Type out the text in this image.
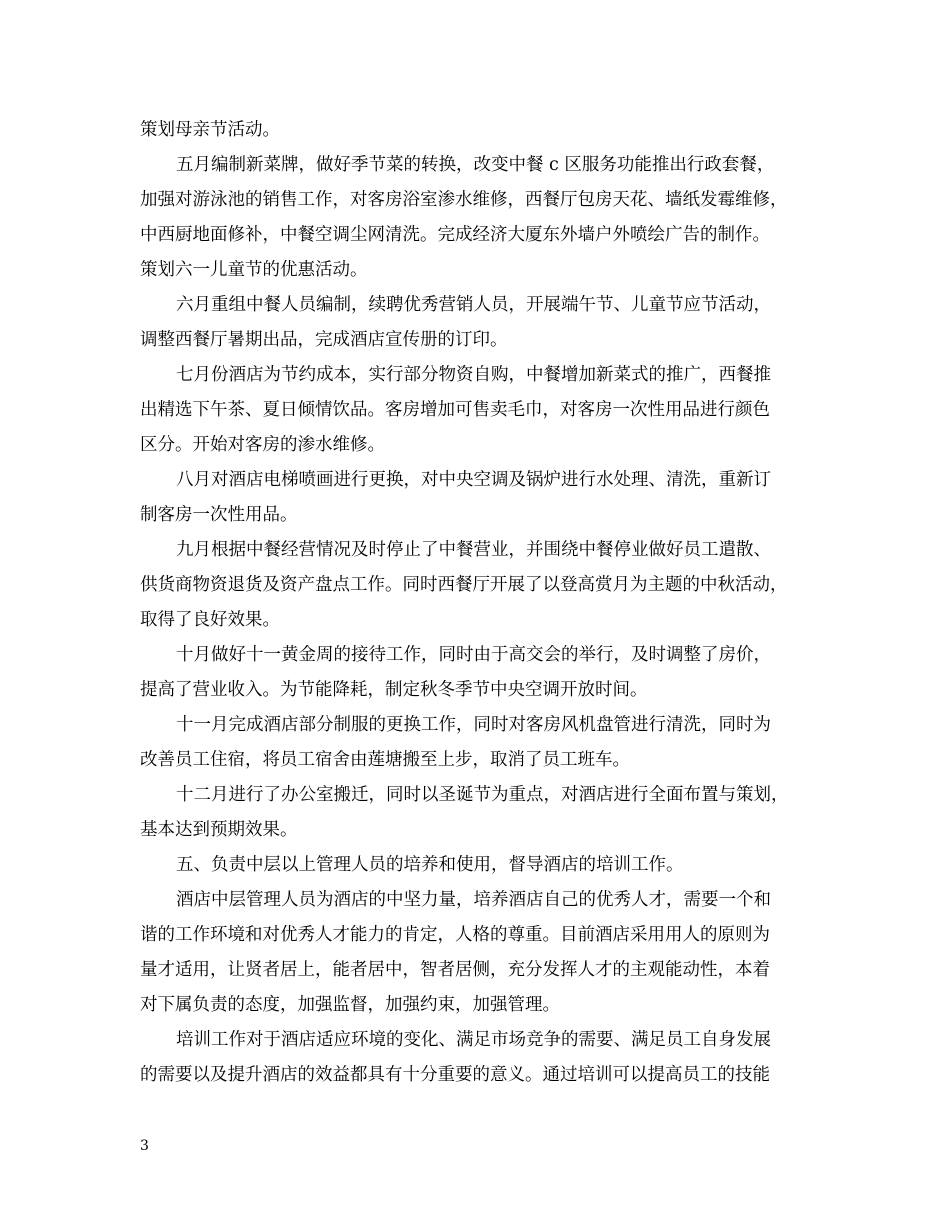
策划母亲节活动。
五月编制新菜牌，做好季节菜的转换，改变中餐 c 区服务功能推出行政套餐，
加强对游泳池的销售工作，对客房浴室渗水维修，西餐厅包房天花、墙纸发霉维修，
中西厨地面修补，中餐空调尘网清洗。完成经济大厦东外墙户外喷绘广告的制作。
策划六一儿童节的优惠活动。
六月重组中餐人员编制，续聘优秀营销人员，开展端午节、儿童节应节活动，
调整西餐厅暑期出品，完成酒店宣传册的订印。
七月份酒店为节约成本，实行部分物资自购，中餐增加新菜式的推广，西餐推
出精选下午茶、夏日倾情饮品。客房增加可售卖毛巾，对客房一次性用品进行颜色
区分。开始对客房的渗水维修。
八月对酒店电梯喷画进行更换，对中央空调及锅炉进行水处理、清洗，重新订
制客房一次性用品。
九月根据中餐经营情况及时停止了中餐营业，并围绕中餐停业做好员工遣散、
供货商物资退货及资产盘点工作。同时西餐厅开展了以登高赏月为主题的中秋活动，
取得了良好效果。
十月做好十一黄金周的接待工作，同时由于高交会的举行，及时调整了房价，
提高了营业收入。为节能降耗，制定秋冬季节中央空调开放时间。
十一月完成酒店部分制服的更换工作，同时对客房风机盘管进行清洗，同时为
改善员工住宿，将员工宿舍由莲塘搬至上步，取消了员工班车。
十二月进行了办公室搬迁，同时以圣诞节为重点，对酒店进行全面布置与策划，
基本达到预期效果。
五、负责中层以上管理人员的培养和使用，督导酒店的培训工作。
酒店中层管理人员为酒店的中坚力量，培养酒店自己的优秀人才，需要一个和
谐的工作环境和对优秀人才能力的肯定，人格的尊重。目前酒店采用用人的原则为
量才适用，让贤者居上，能者居中，智者居侧，充分发挥人才的主观能动性，本着
对下属负责的态度，加强监督，加强约束，加强管理。
培训工作对于酒店适应环境的变化、满足市场竞争的需要、满足员工自身发展
的需要以及提升酒店的效益都具有十分重要的意义。通过培训可以提高员工的技能
3
